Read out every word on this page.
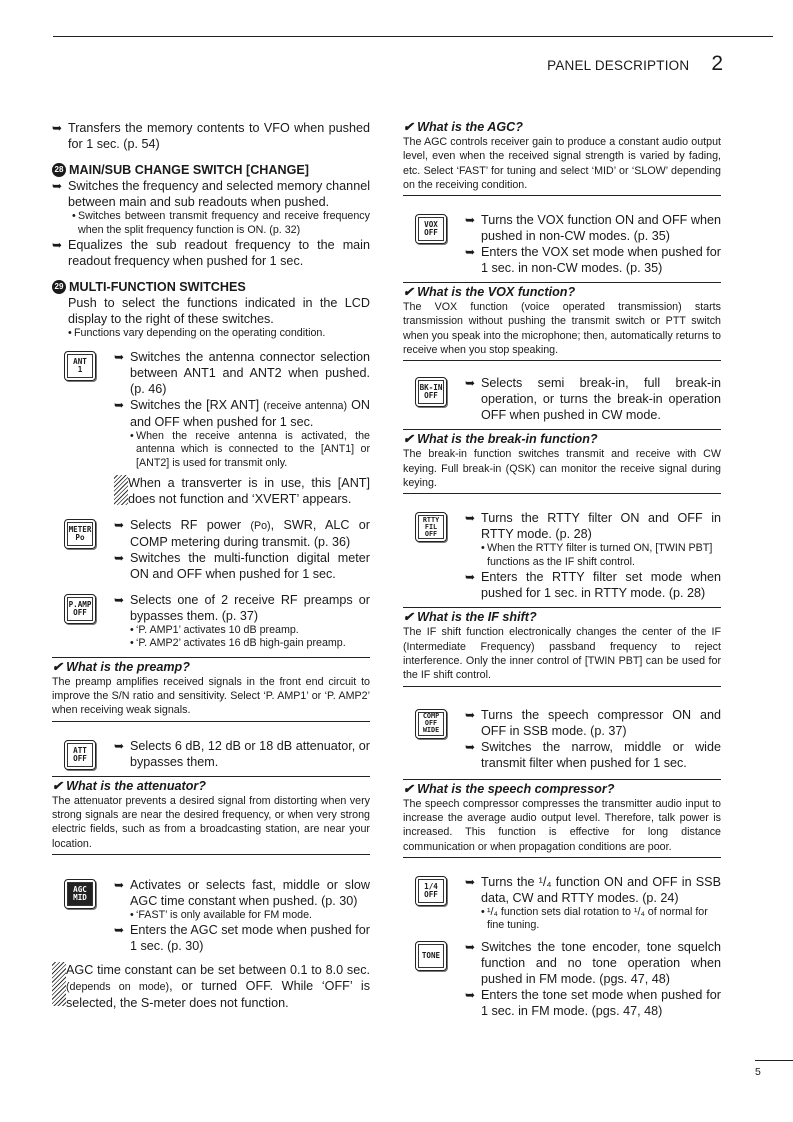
PANEL DESCRIPTION 2
➥ Transfers the memory contents to VFO when pushed for 1 sec. (p. 54)
28 MAIN/SUB CHANGE SWITCH [CHANGE]
➥ Switches the frequency and selected memory channel between main and sub readouts when pushed.
• Switches between transmit frequency and receive frequency when the split frequency function is ON. (p. 32)
➥ Equalizes the sub readout frequency to the main readout frequency when pushed for 1 sec.
29 MULTI-FUNCTION SWITCHES

Push to select the functions indicated in the LCD display to the right of these switches.

• Functions vary depending on the operating condition.
ANT
1
➥ Switches the antenna connector selection between ANT1 and ANT2 when pushed. (p. 46)
➥ Switches the [RX ANT] (receive antenna) ON and OFF when pushed for 1 sec.
• When the receive antenna is activated, the antenna which is connected to the [ANT1] or [ANT2] is used for transmit only.
When a transverter is in use, this [ANT] does not function and ‘XVERT’ appears.
METER
Po
➥ Selects RF power (Po), SWR, ALC or COMP metering during transmit. (p. 36)
➥ Switches the multi-function digital meter ON and OFF when pushed for 1 sec.
P.AMP
OFF
➥ Selects one of 2 receive RF preamps or bypasses them. (p. 37)
• ‘P. AMP1’ activates 10 dB preamp.
• ‘P. AMP2’ activates 16 dB high-gain preamp.

✔ What is the preamp?

The preamp amplifies received signals in the front end circuit to improve the S/N ratio and sensitivity. Select ‘P. AMP1’ or ‘P. AMP2’ when receiving weak signals.

ATT
OFF
➥ Selects 6 dB, 12 dB or 18 dB attenuator, or bypasses them.

✔ What is the attenuator?

The attenuator prevents a desired signal from distorting when very strong signals are near the desired frequency, or when very strong electric fields, such as from a broadcasting station, are near your location.

AGC
MID
➥ Activates or selects fast, middle or slow AGC time constant when pushed. (p. 30)
• ‘FAST’ is only available for FM mode.
➥ Enters the AGC set mode when pushed for 1 sec. (p. 30)
AGC time constant can be set between 0.1 to 8.0 sec. (depends on mode), or turned OFF. While ‘OFF’ is selected, the S-meter does not function.

✔ What is the AGC?

The AGC controls receiver gain to produce a constant audio output level, even when the received signal strength is varied by fading, etc. Select ‘FAST’ for tuning and select ‘MID’ or ‘SLOW’ depending on the receiving condition.

VOX
OFF
➥ Turns the VOX function ON and OFF when pushed in non-CW modes. (p. 35)
➥ Enters the VOX set mode when pushed for 1 sec. in non-CW modes. (p. 35)

✔ What is the VOX function?

The VOX function (voice operated transmission) starts transmission without pushing the transmit switch or PTT switch when you speak into the microphone; then, automatically returns to receive when you stop speaking.

BK-IN
OFF
➥ Selects semi break-in, full break-in operation, or turns the break-in operation OFF when pushed in CW mode.

✔ What is the break-in function?

The break-in function switches transmit and receive with CW keying. Full break-in (QSK) can monitor the receive signal during keying.

RTTY
FIL
OFF
➥ Turns the RTTY filter ON and OFF in RTTY mode. (p. 28)
• When the RTTY filter is turned ON, [TWIN PBT] functions as the IF shift control.
➥ Enters the RTTY filter set mode when pushed for 1 sec. in RTTY mode. (p. 28)

✔ What is the IF shift?

The IF shift function electronically changes the center of the IF (Intermediate Frequency) passband frequency to reject interference. Only the inner control of [TWIN PBT] can be used for the IF shift control.

COMP
OFF
WIDE
➥ Turns the speech compressor ON and OFF in SSB mode. (p. 37)
➥ Switches the narrow, middle or wide transmit filter when pushed for 1 sec.

✔ What is the speech compressor?

The speech compressor compresses the transmitter audio input to increase the average audio output level. Therefore, talk power is increased. This function is effective for long distance communication or when propagation conditions are poor.

1/4
OFF
➥ Turns the ¹/₄ function ON and OFF in SSB data, CW and RTTY modes. (p. 24)
• ¹/₄ function sets dial rotation to ¹/₄ of normal for fine tuning.
TONE
➥ Switches the tone encoder, tone squelch function and no tone operation when pushed in FM mode. (pgs. 47, 48)
➥ Enters the tone set mode when pushed for 1 sec. in FM mode. (pgs. 47, 48)
5
